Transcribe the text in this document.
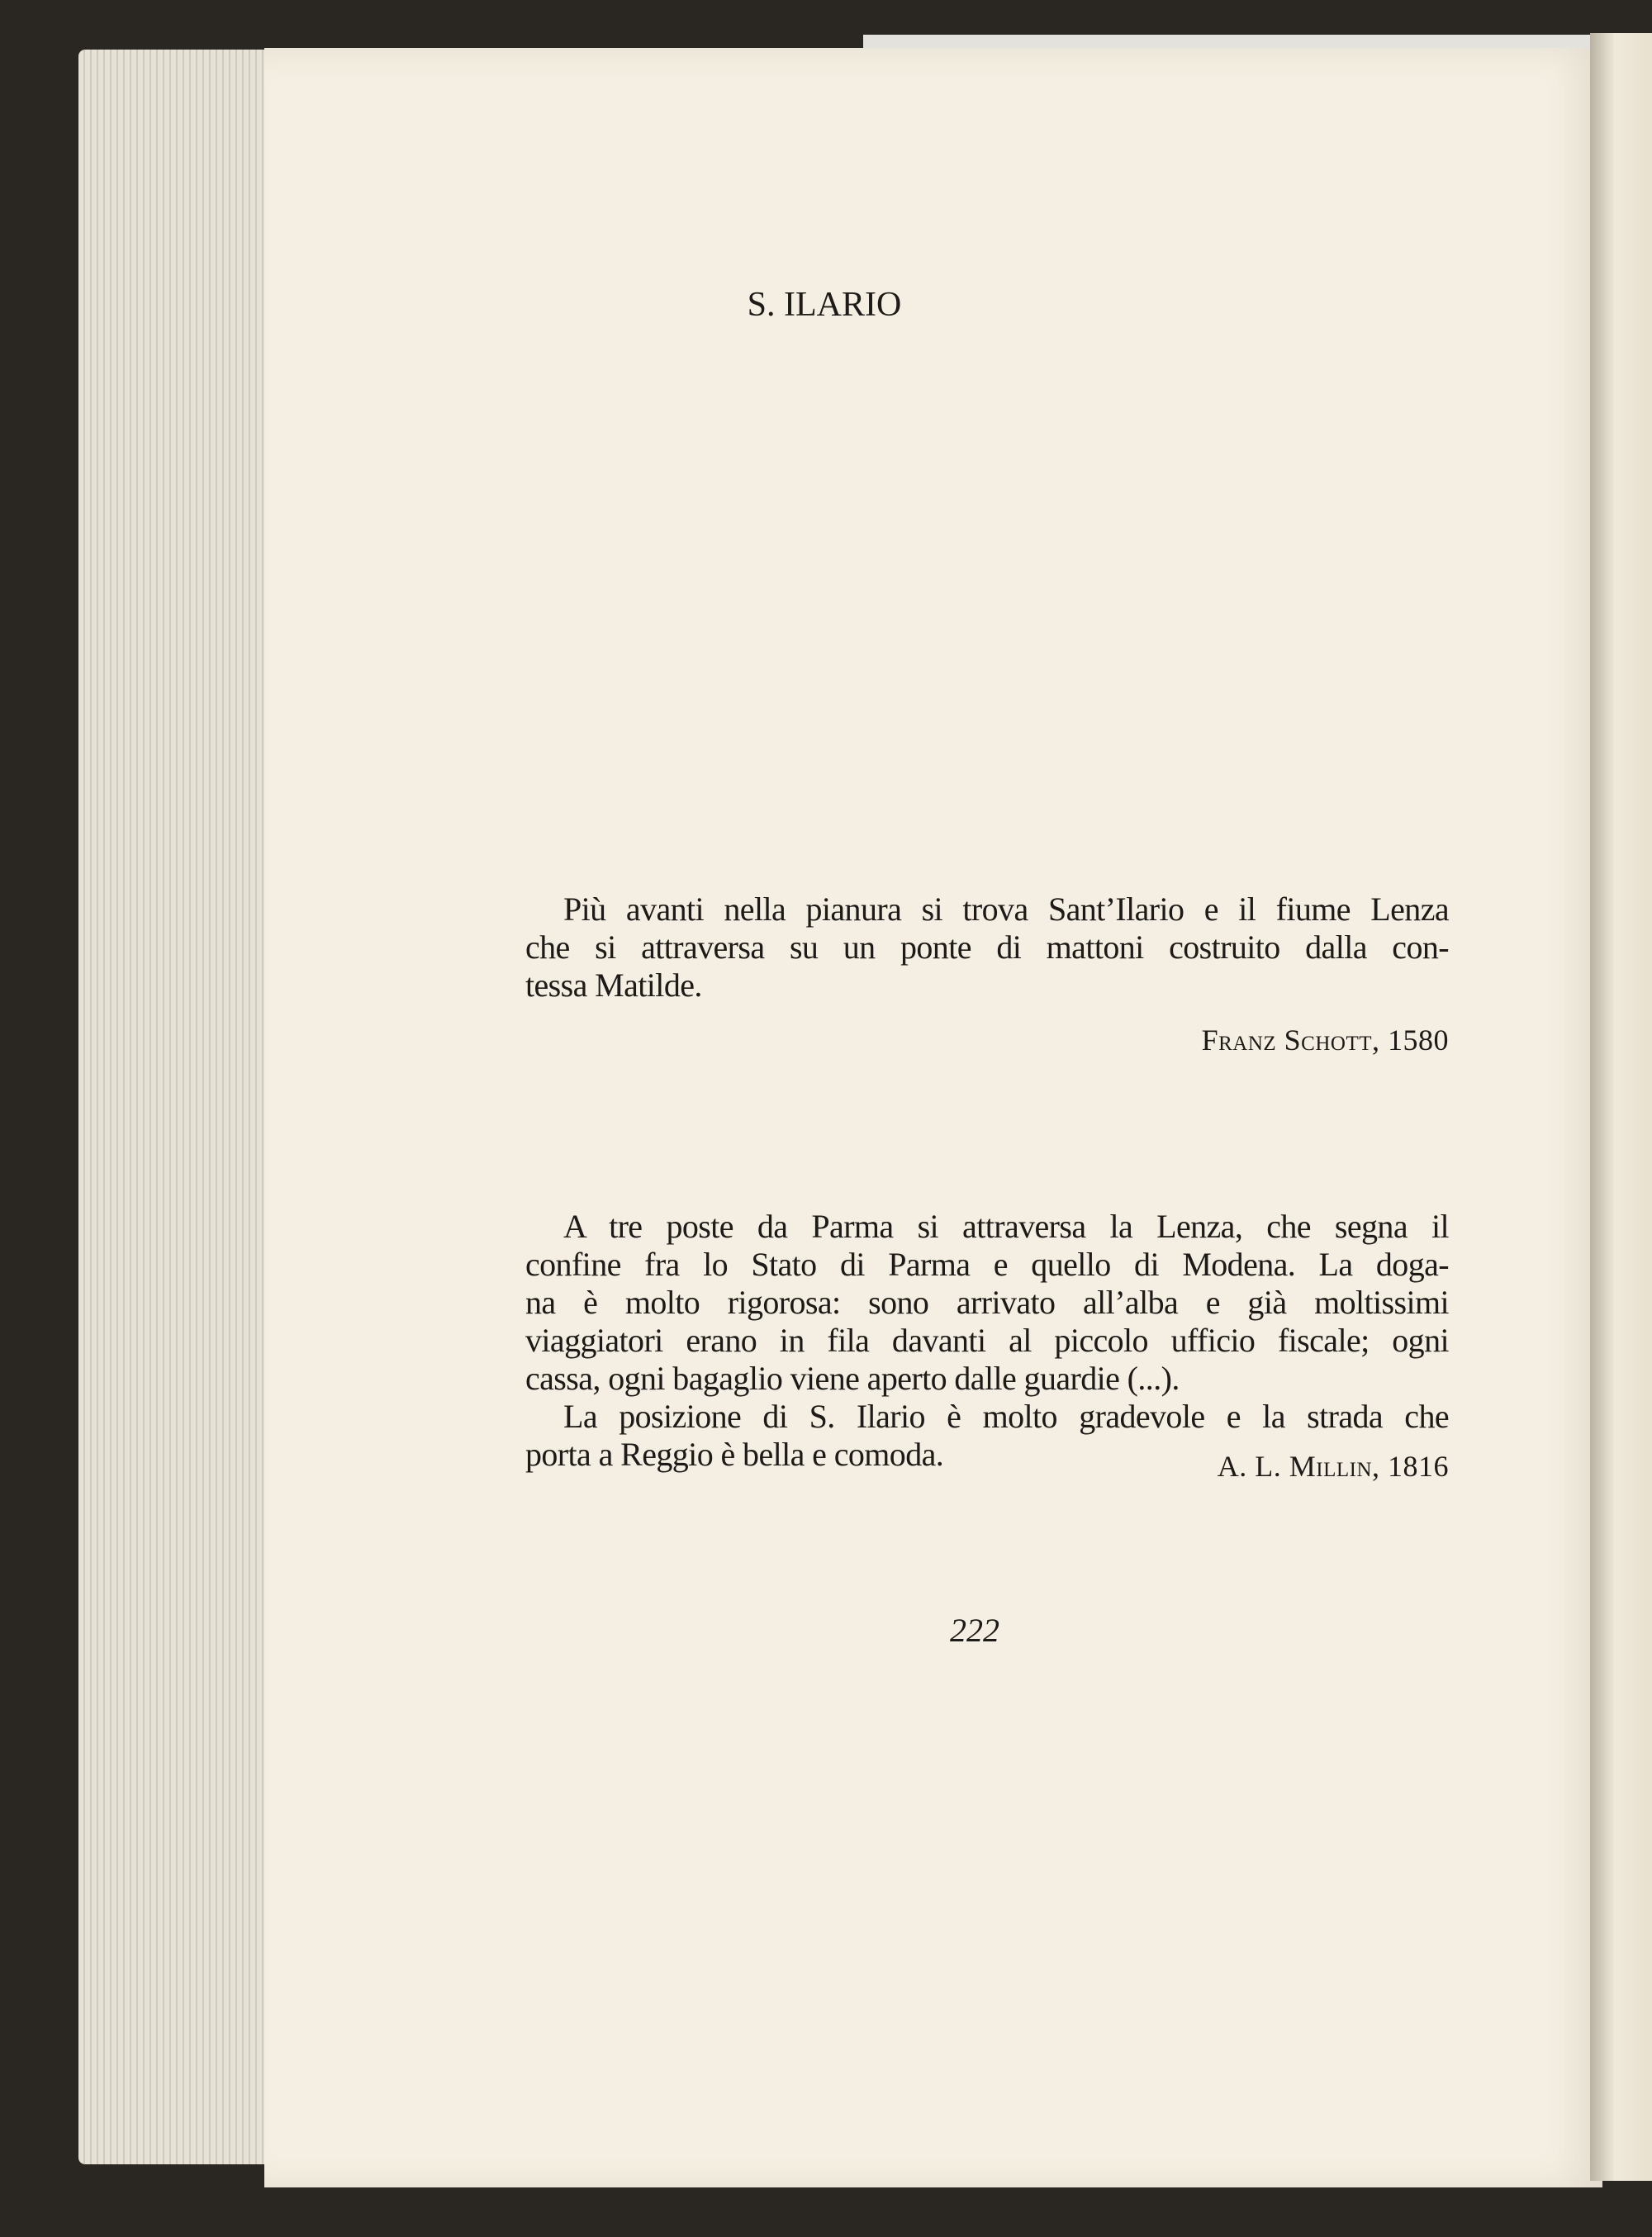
S. ILARIO
Più avanti nella pianura si trova Sant’Ilario e il fiume Lenza
che si attraversa su un ponte di mattoni costruito dalla con-
tessa Matilde.
Franz Schott, 1580
A tre poste da Parma si attraversa la Lenza, che segna il
confine fra lo Stato di Parma e quello di Modena. La doga-
na è molto rigorosa: sono arrivato all’alba e già moltissimi
viaggiatori erano in fila davanti al piccolo ufficio fiscale; ogni
cassa, ogni bagaglio viene aperto dalle guardie (...).
La posizione di S. Ilario è molto gradevole e la strada che
porta a Reggio è bella e comoda.	A. L. Millin, 1816
222
